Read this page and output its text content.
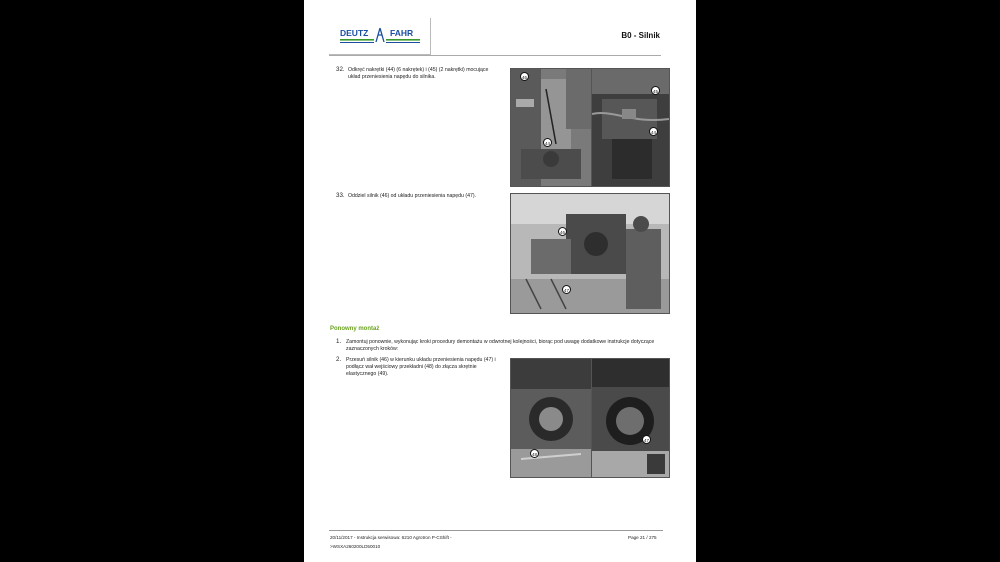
DEUTZ	FAHR	B0 - Silnik
32. Odkręć nakrętki (44) (6 nakrętek) i (45) (2 nakrętki) mocujące układ przeniesienia napędu do silnika.	46
44
45
44
33. Oddziel silnik (46) od układu przeniesienia napędu (47).
46
47
Ponowny montaż
1. Zamontuj ponownie, wykonując kroki procedury demontażu w odwrotnej kolejności, biorąc pod uwagę dodatkowe instrukcje dotyczące zaznaczonych kroków:
2. Przesuń silnik (46) w kierunku układu przeniesienia napędu (47) i podłącz wał wejściowy przekładni (48) do złącza skrętnie elastycznego (49).
48
47
20/11/2017 - Instrukcja serwisowa: 6210 Agrotron P-CShift -
>WSXA260200LD50010
Page 21 / 275
